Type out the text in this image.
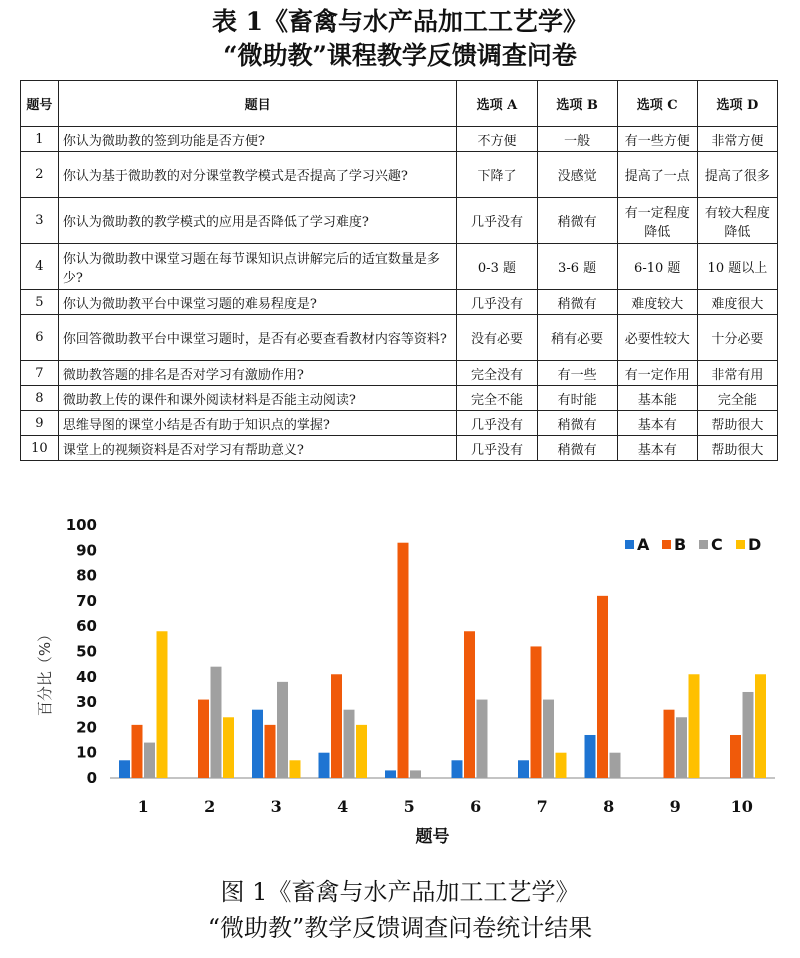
表 1《畜禽与水产品加工工艺学》
“微助教”课程教学反馈调查问卷
题号	题目	选项 A	选项 B	选项 C	选项 D
1	你认为微助教的签到功能是否方便?	不方便	一般	有一些方便	非常方便
2	你认为基于微助教的对分课堂教学模式是否提高了学习兴趣?	下降了	没感觉	提高了一点	提高了很多
3	你认为微助教的教学模式的应用是否降低了学习难度?	几乎没有	稍微有	有一定程度降低	有较大程度降低
4	你认为微助教中课堂习题在每节课知识点讲解完后的适宜数量是多少?	0-3 题	3-6 题	6-10 题	10 题以上
5	你认为微助教平台中课堂习题的难易程度是?	几乎没有	稍微有	难度较大	难度很大
6	你回答微助教平台中课堂习题时，是否有必要查看教材内容等资料?	没有必要	稍有必要	必要性较大	十分必要
7	微助教答题的排名是否对学习有激励作用?	完全没有	有一些	有一定作用	非常有用
8	微助教上传的课件和课外阅读材料是否能主动阅读?	完全不能	有时能	基本能	完全能
9	思维导图的课堂小结是否有助于知识点的掌握?	几乎没有	稍微有	基本有	帮助很大
10	课堂上的视频资料是否对学习有帮助意义?	几乎没有	稍微有	基本有	帮助很大
0
10
20
30
40
50
60
70
80
90
100
1	2	3	4	5	6	7	8	9	10
题号
百分比（%）
A B C D
图 1《畜禽与水产品加工工艺学》
“微助教”教学反馈调查问卷统计结果
